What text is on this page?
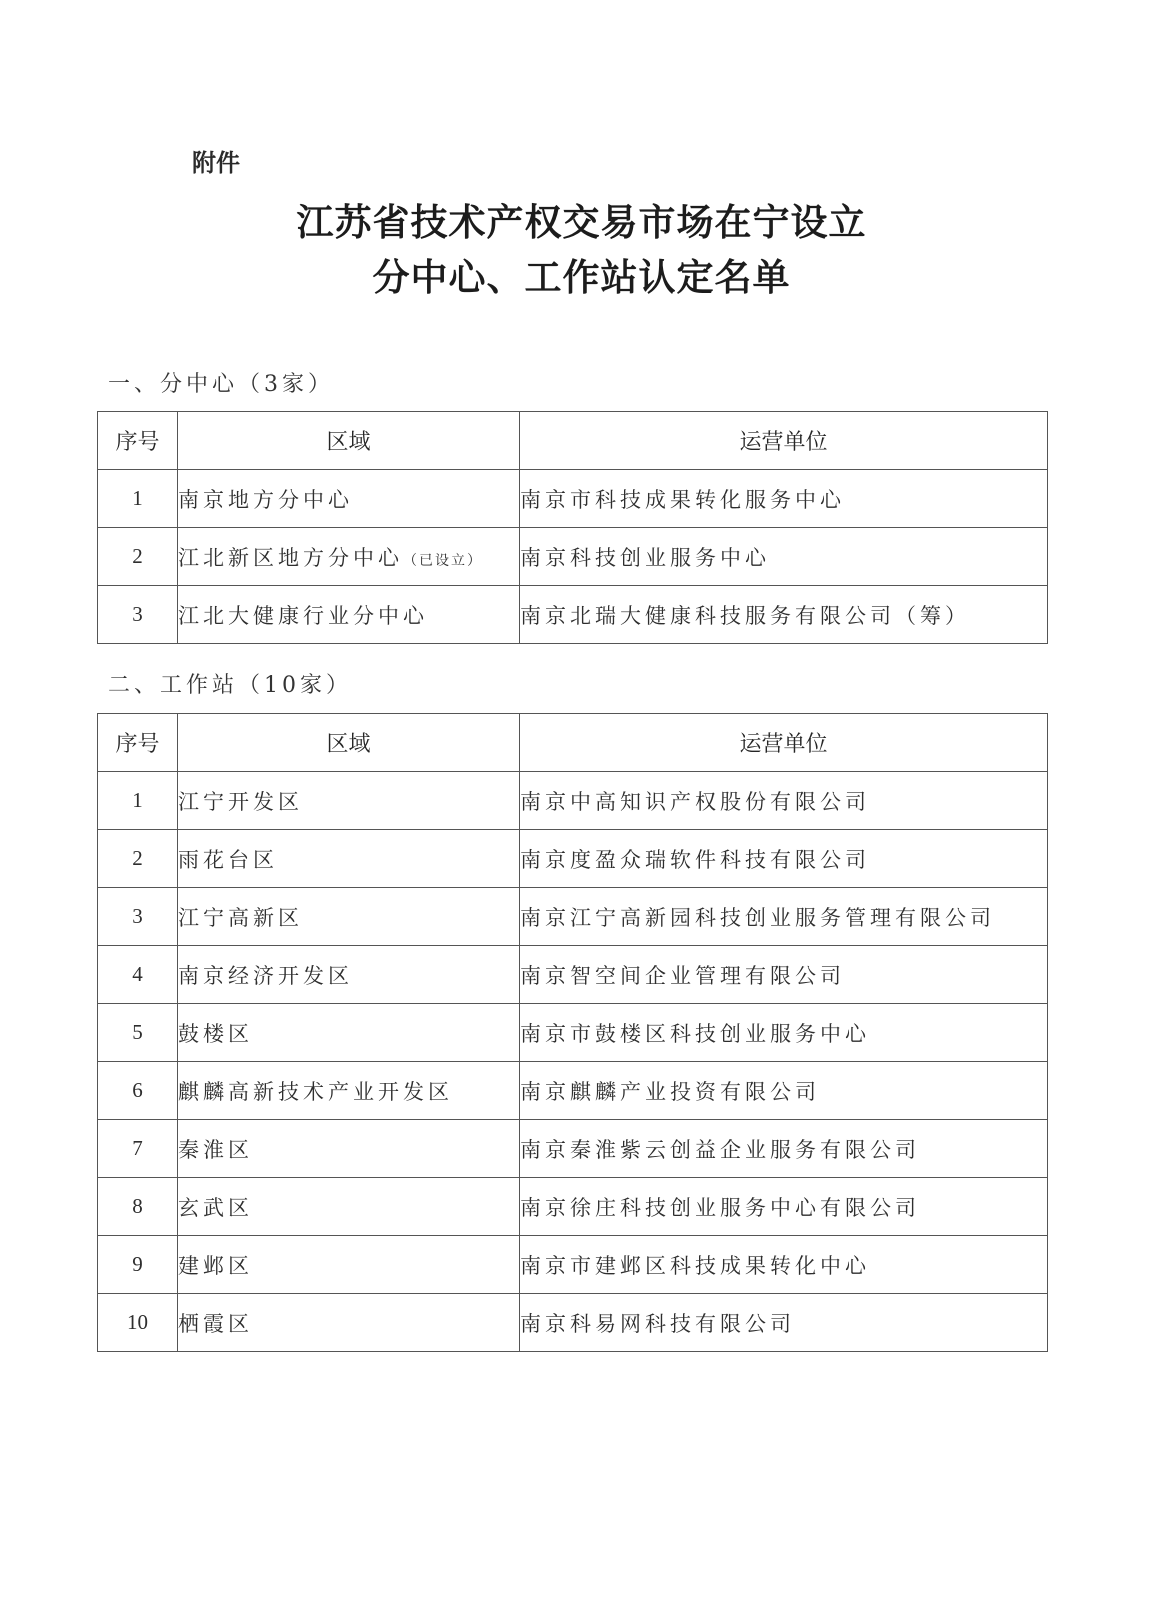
附件
江苏省技术产权交易市场在宁设立
分中心、工作站认定名单
一、分中心（3家）
序号	区域	运营单位
1	南京地方分中心	南京市科技成果转化服务中心
2	江北新区地方分中心（已设立）	南京科技创业服务中心
3	江北大健康行业分中心	南京北瑞大健康科技服务有限公司（筹）
二、工作站（10家）
序号	区域	运营单位
1	江宁开发区	南京中高知识产权股份有限公司
2	雨花台区	南京度盈众瑞软件科技有限公司
3	江宁高新区	南京江宁高新园科技创业服务管理有限公司
4	南京经济开发区	南京智空间企业管理有限公司
5	鼓楼区	南京市鼓楼区科技创业服务中心
6	麒麟高新技术产业开发区	南京麒麟产业投资有限公司
7	秦淮区	南京秦淮紫云创益企业服务有限公司
8	玄武区	南京徐庄科技创业服务中心有限公司
9	建邺区	南京市建邺区科技成果转化中心
10	栖霞区	南京科易网科技有限公司
